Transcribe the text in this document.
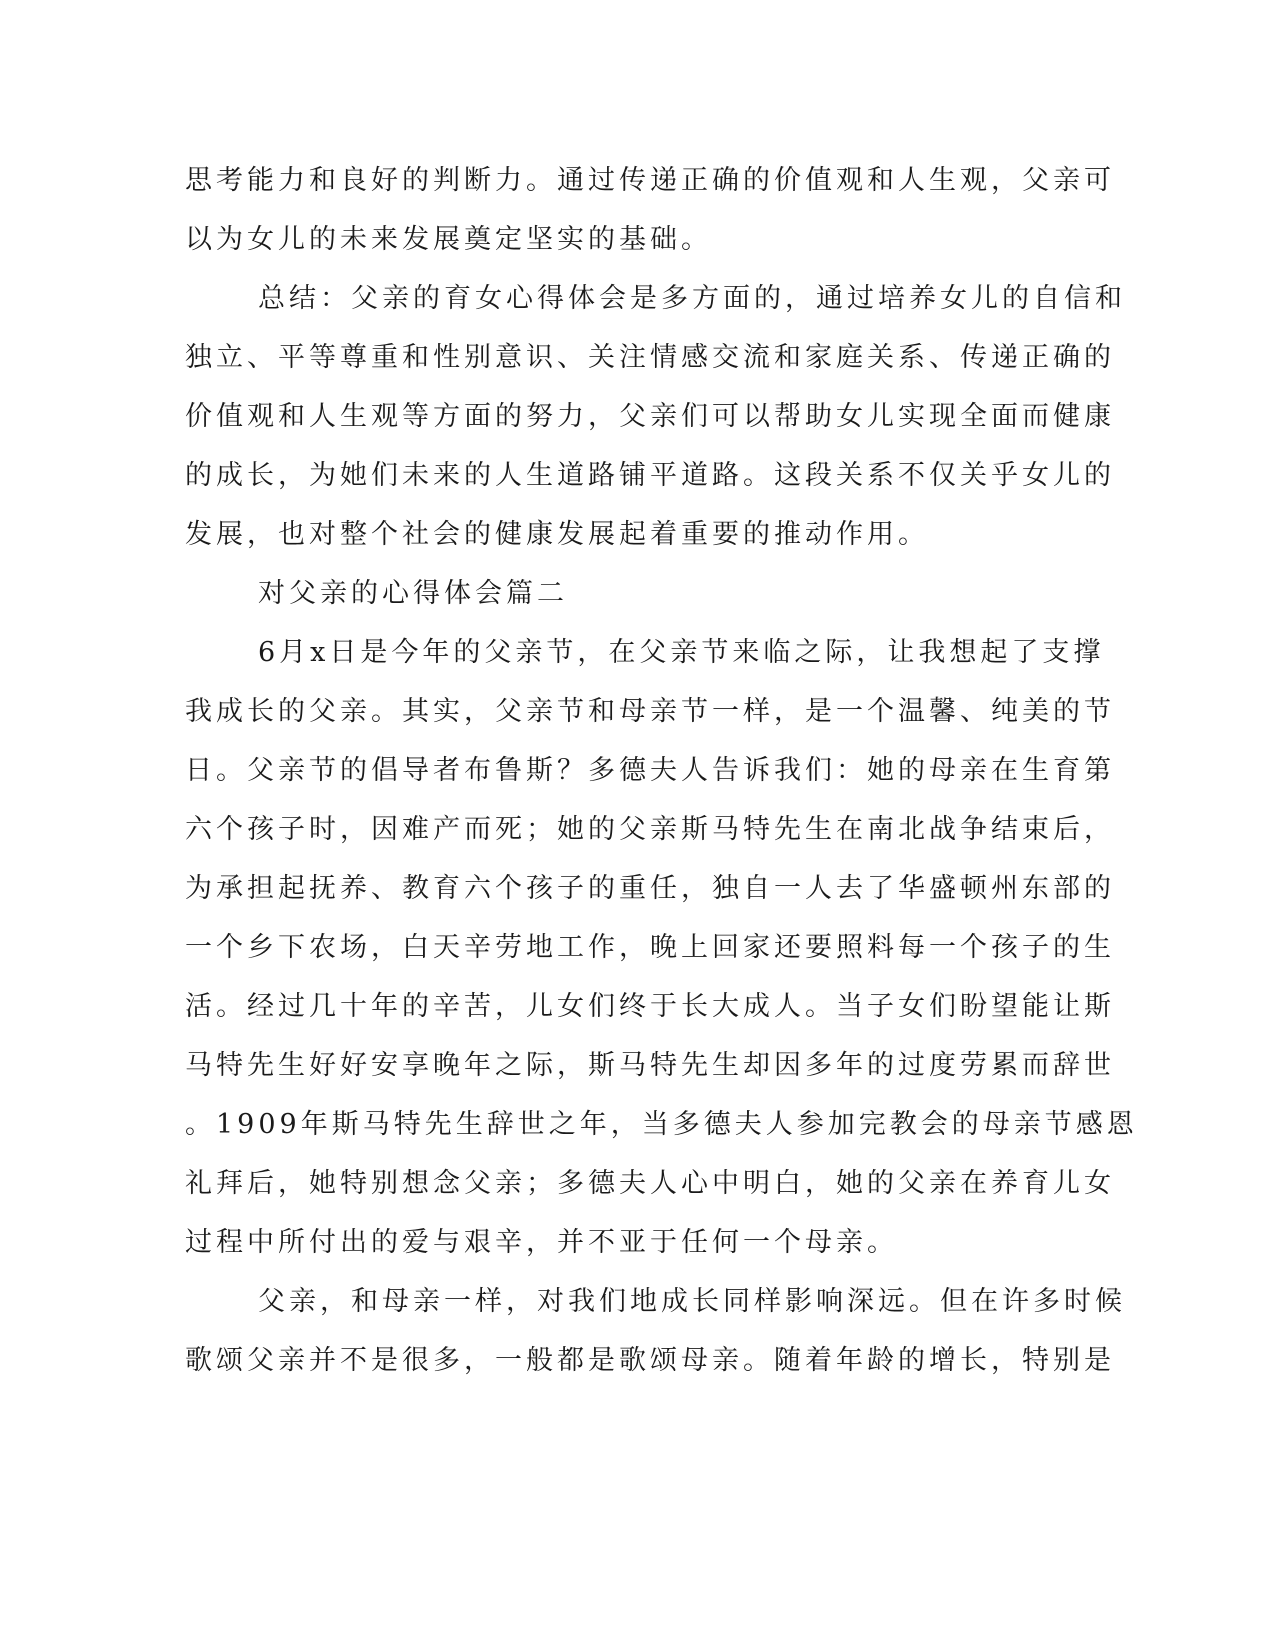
思考能力和良好的判断力。通过传递正确的价值观和人生观，父亲可
以为女儿的未来发展奠定坚实的基础。
总结：父亲的育女心得体会是多方面的，通过培养女儿的自信和
独立、平等尊重和性别意识、关注情感交流和家庭关系、传递正确的
价值观和人生观等方面的努力，父亲们可以帮助女儿实现全面而健康
的成长，为她们未来的人生道路铺平道路。这段关系不仅关乎女儿的
发展，也对整个社会的健康发展起着重要的推动作用。
对父亲的心得体会篇二
6月x日是今年的父亲节，在父亲节来临之际，让我想起了支撑
我成长的父亲。其实，父亲节和母亲节一样，是一个温馨、纯美的节
日。父亲节的倡导者布鲁斯？多德夫人告诉我们：她的母亲在生育第
六个孩子时，因难产而死；她的父亲斯马特先生在南北战争结束后，
为承担起抚养、教育六个孩子的重任，独自一人去了华盛顿州东部的
一个乡下农场，白天辛劳地工作，晚上回家还要照料每一个孩子的生
活。经过几十年的辛苦，儿女们终于长大成人。当子女们盼望能让斯
马特先生好好安享晚年之际，斯马特先生却因多年的过度劳累而辞世
。1909年斯马特先生辞世之年，当多德夫人参加完教会的母亲节感恩
礼拜后，她特别想念父亲；多德夫人心中明白，她的父亲在养育儿女
过程中所付出的爱与艰辛，并不亚于任何一个母亲。
父亲，和母亲一样，对我们地成长同样影响深远。但在许多时候
歌颂父亲并不是很多，一般都是歌颂母亲。随着年龄的增长，特别是
